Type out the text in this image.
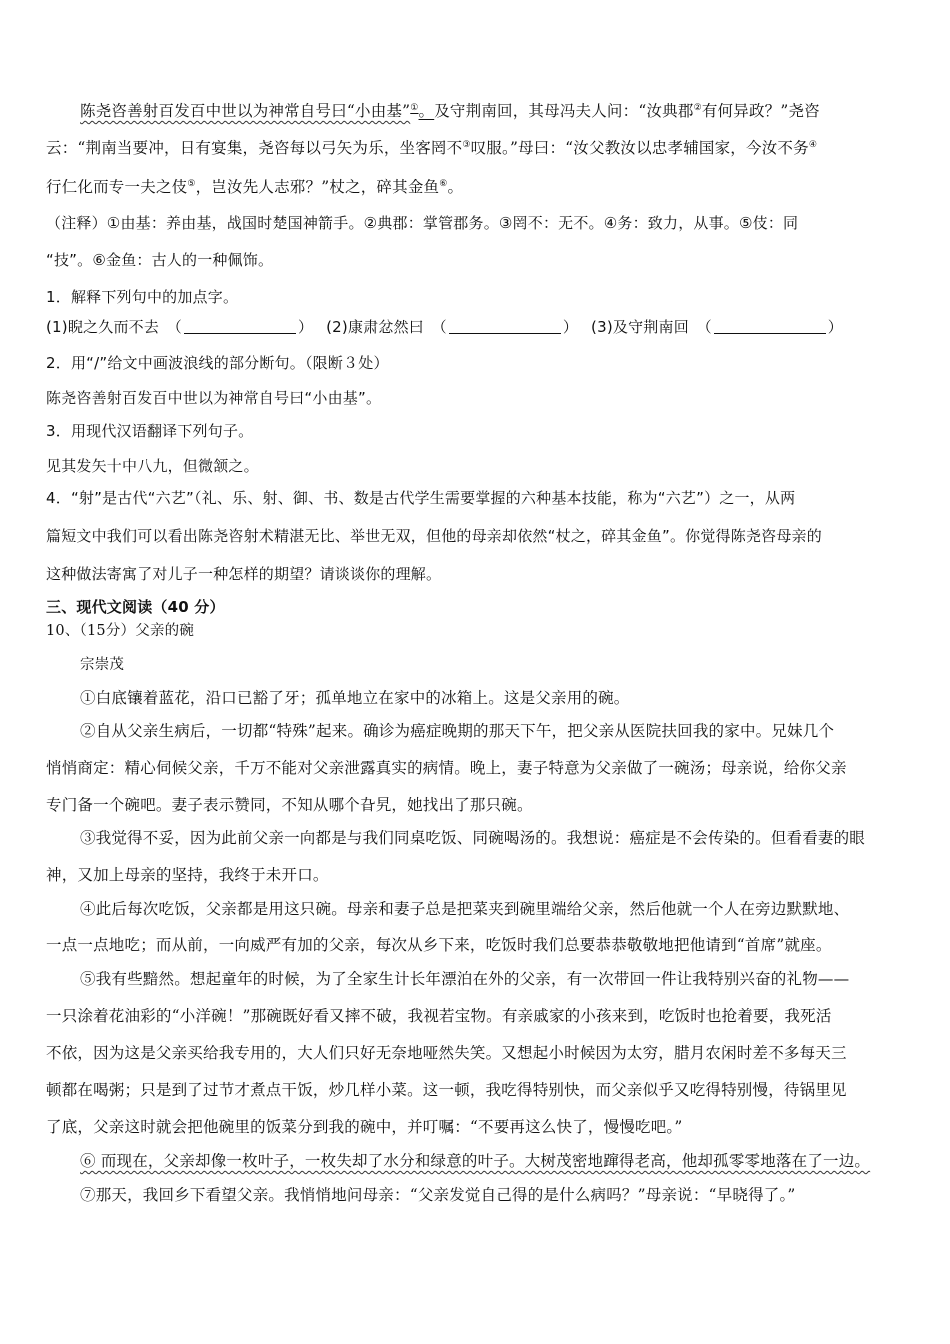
陈尧咨善射百发百中世以为神常自号曰“小由基”①。及守荆南回，其母冯夫人问：“汝典郡②有何异政？”尧咨
云：“荆南当要冲，日有宴集，尧咨每以弓矢为乐，坐客罔不③叹服。”母曰：“汝父教汝以忠孝辅国家，今汝不务④
行仁化而专一夫之伎⑤，岂汝先人志邪？”杖之，碎其金鱼⑥。
（注释）①由基：养由基，战国时楚国神箭手。②典郡：掌管郡务。③罔不：无不。④务：致力，从事。⑤伎：同
“技”。⑥金鱼：古人的一种佩饰。
1．解释下列句中的加点字。
(1)睨之久而不去　（	） (2)康肃忿然曰　（	） (3)及守荆南回　（	）
2．用“/”给文中画波浪线的部分断句。（限断３处）
陈尧咨善射百发百中世以为神常自号曰“小由基”。
3．用现代汉语翻译下列句子。
见其发矢十中八九，但微颔之。
4．“射”是古代“六艺”（礼、乐、射、御、书、数是古代学生需要掌握的六种基本技能，称为“六艺”）之一，从两
篇短文中我们可以看出陈尧咨射术精湛无比、举世无双，但他的母亲却依然“杖之，碎其金鱼”。你觉得陈尧咨母亲的
这种做法寄寓了对儿子一种怎样的期望？请谈谈你的理解。
三、现代文阅读（40 分）
10、（15分）父亲的碗
宗崇茂
①白底镶着蓝花，沿口已豁了牙；孤单地立在家中的冰箱上。这是父亲用的碗。
②自从父亲生病后，一切都“特殊”起来。确诊为癌症晚期的那天下午，把父亲从医院扶回我的家中。兄妹几个
悄悄商定：精心伺候父亲，千万不能对父亲泄露真实的病情。晚上，妻子特意为父亲做了一碗汤；母亲说，给你父亲
专门备一个碗吧。妻子表示赞同，不知从哪个旮旯，她找出了那只碗。
③我觉得不妥，因为此前父亲一向都是与我们同桌吃饭、同碗喝汤的。我想说：癌症是不会传染的。但看看妻的眼
神，又加上母亲的坚持，我终于未开口。
④此后每次吃饭，父亲都是用这只碗。母亲和妻子总是把菜夹到碗里端给父亲，然后他就一个人在旁边默默地、
一点一点地吃；而从前，一向威严有加的父亲，每次从乡下来，吃饭时我们总要恭恭敬敬地把他请到“首席”就座。
⑤我有些黯然。想起童年的时候，为了全家生计长年漂泊在外的父亲，有一次带回一件让我特别兴奋的礼物——
一只涂着花油彩的“小洋碗！”那碗既好看又摔不破，我视若宝物。有亲戚家的小孩来到，吃饭时也抢着要，我死活
不依，因为这是父亲买给我专用的，大人们只好无奈地哑然失笑。又想起小时候因为太穷，腊月农闲时差不多每天三
顿都在喝粥；只是到了过节才煮点干饭，炒几样小菜。这一顿，我吃得特别快，而父亲似乎又吃得特别慢，待锅里见
了底，父亲这时就会把他碗里的饭菜分到我的碗中，并叮嘱：“不要再这么快了，慢慢吃吧。”
⑥ 而现在，父亲却像一枚叶子，一枚失却了水分和绿意的叶子。大树茂密地蹿得老高，他却孤零零地落在了一边。
⑦那天，我回乡下看望父亲。我悄悄地问母亲：“父亲发觉自己得的是什么病吗？”母亲说：“早晓得了。”
